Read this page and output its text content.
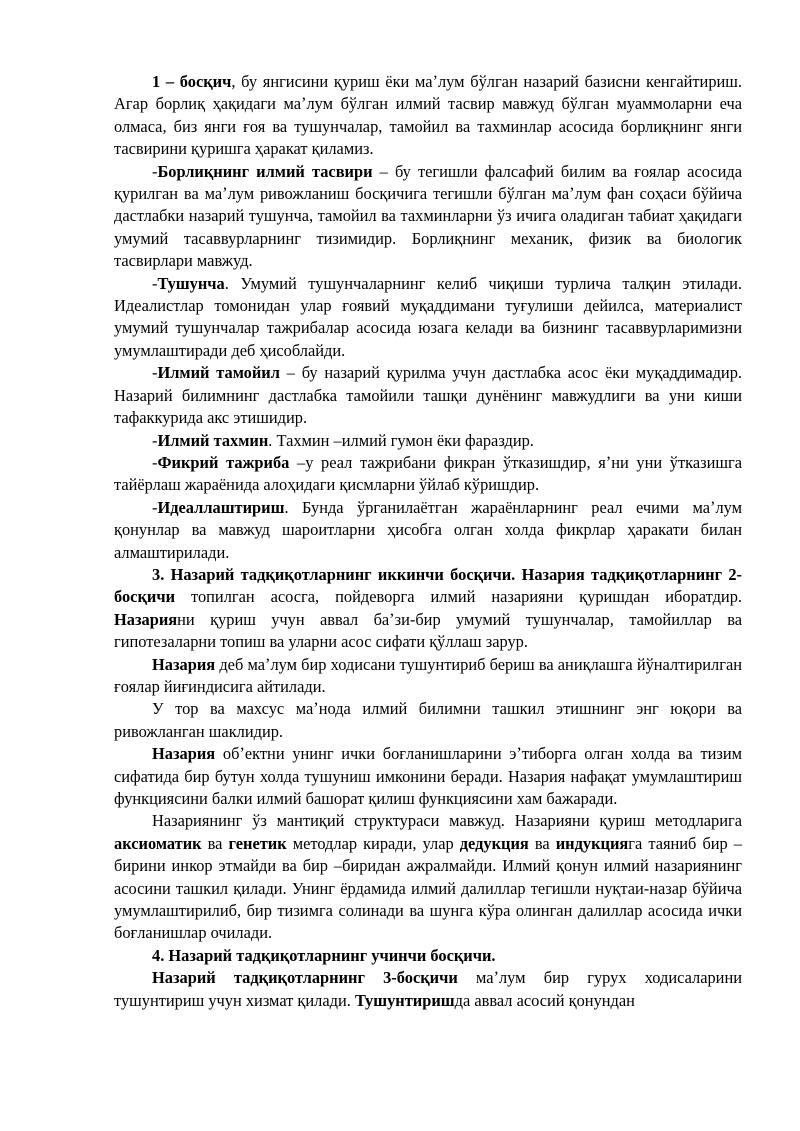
1 – босқич, бу янгисини қуриш ёки маʼлум бўлган назарий базисни кенгайтириш. Агар борлиқ ҳақидаги маʼлум бўлган илмий тасвир мавжуд бўлган муаммоларни еча олмаса, биз янги ғоя ва тушунчалар, тамойил ва тахминлар асосида борлиқнинг янги тасвирини қуришга ҳаракат қиламиз.

-Борлиқнинг илмий тасвири – бу тегишли фалсафий билим ва ғоялар асосида қурилган ва маʼлум ривожланиш босқичига тегишли бўлган маʼлум фан соҳаси бўйича дастлабки назарий тушунча, тамойил ва тахминларни ўз ичига оладиган табиат ҳақидаги умумий тасаввурларнинг тизимидир. Борлиқнинг механик, физик ва биологик тасвирлари мавжуд.

-Тушунча. Умумий тушунчаларнинг келиб чиқиши турлича талқин этилади. Идеалистлар томонидан улар ғоявий муқаддимани туғулиши дейилса, материалист умумий тушунчалар тажрибалар асосида юзага келади ва бизнинг тасаввурларимизни умумлаштиради деб ҳисоблайди.

-Илмий тамойил – бу назарий қурилма учун дастлабка асос ёки муқаддимадир. Назарий билимнинг дастлабка тамойили ташқи дунёнинг мавжудлиги ва уни киши тафаккурида акс этишидир.

-Илмий тахмин. Тахмин –илмий гумон ёки фараздир.

-Фикрий тажриба –у реал тажрибани фикран ўтказишдир, яʼни уни ўтказишга тайёрлаш жараёнида алоҳидаги қисмларни ўйлаб кўришдир.

-Идеаллаштириш. Бунда ўрганилаётган жараёнларнинг реал ечими маʼлум қонунлар ва мавжуд шароитларни ҳисобга олган холда фикрлар ҳаракати билан алмаштирилади.

3. Назарий тадқиқотларнинг иккинчи босқичи. Назария тадқиқотларнинг 2-босқичи топилган асосга, пойдеворга илмий назарияни қуришдан иборатдир. Назарияни қуриш учун аввал баʼзи-бир умумий тушунчалар, тамойиллар ва гипотезаларни топиш ва уларни асос сифати қўллаш зарур.

Назария деб маʼлум бир ходисани тушунтириб бериш ва аниқлашга йўналтирилган ғоялар йиғиндисига айтилади.

У тор ва махсус маʼнода илмий билимни ташкил этишнинг энг юқори ва ривожланган шаклидир.

Назария обʼектни унинг ички боғланишларини эʼтиборга олган холда ва тизим сифатида бир бутун холда тушуниш имконини беради. Назария нафақат умумлаштириш функциясини балки илмий башорат қилиш функциясини хам бажаради.

Назариянинг ўз мантиқий структураси мавжуд. Назарияни қуриш методларига аксиоматик ва генетик методлар киради, улар дедукция ва индукцияга таяниб бир –бирини инкор этмайди ва бир –биридан ажралмайди. Илмий қонун илмий назариянинг асосини ташкил қилади. Унинг ёрдамида илмий далиллар тегишли нуқтаи-назар бўйича умумлаштирилиб, бир тизимга солинади ва шунга кўра олинган далиллар асосида ички боғланишлар очилади.

4. Назарий тадқиқотларнинг учинчи босқичи.

Назарий тадқиқотларнинг 3-босқичи маʼлум бир гурух ходисаларини тушунтириш учун хизмат қилади. Тушунтиришда аввал асосий қонундан
